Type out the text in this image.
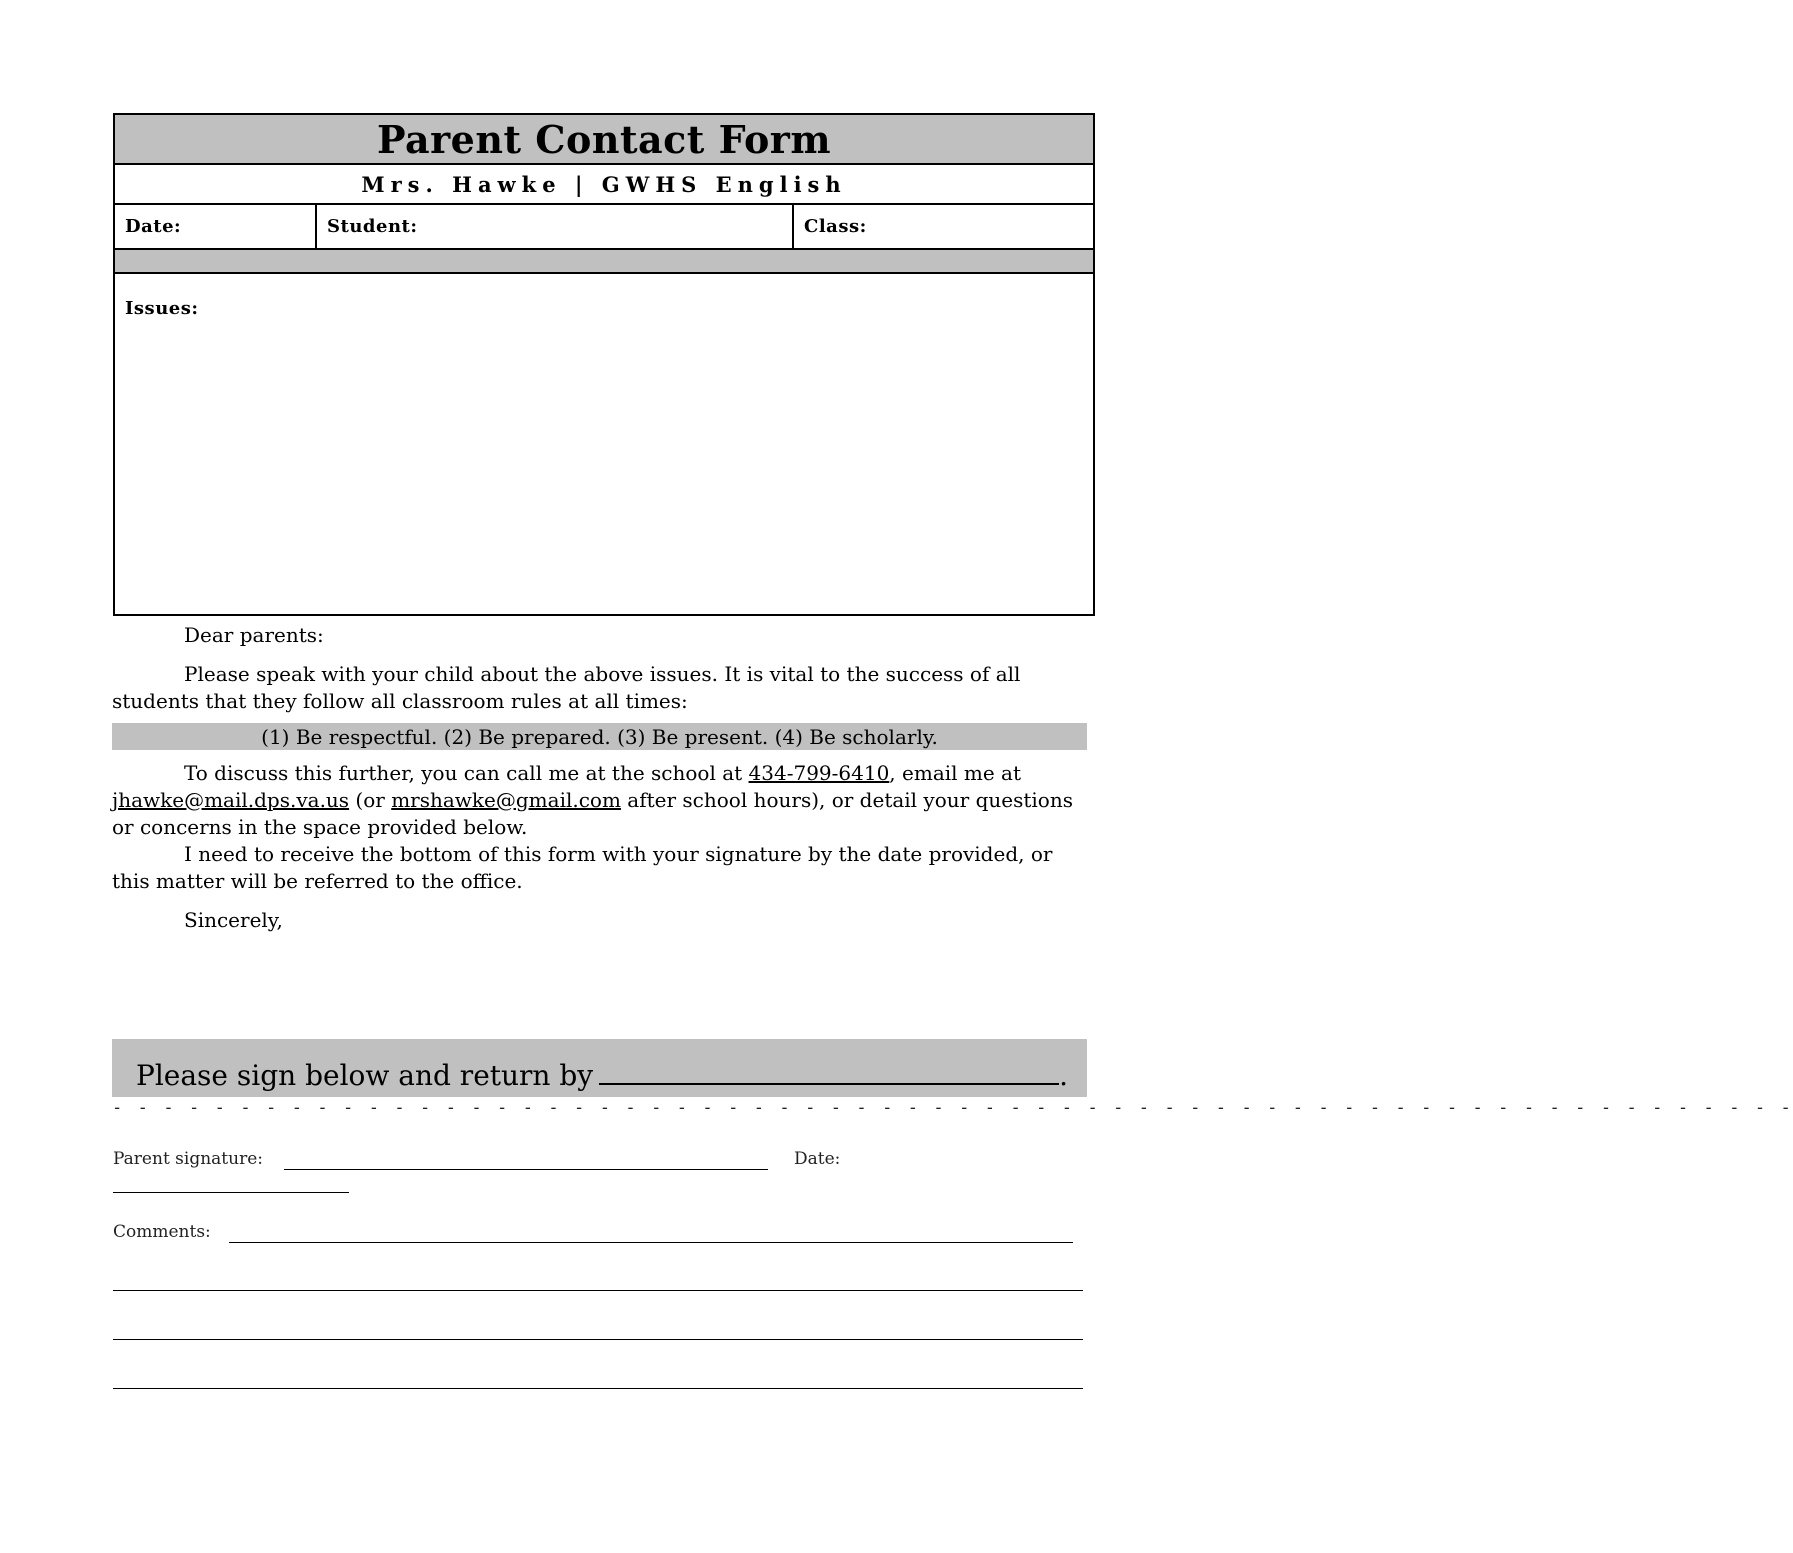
Parent Contact Form
Mrs. Hawke | GWHS English
Date:	Student:	Class:

Issues:
Dear parents:
Please speak with your child about the above issues. It is vital to the success of all students that they follow all classroom rules at all times:
(1) Be respectful. (2) Be prepared. (3) Be present. (4) Be scholarly.
To discuss this further, you can call me at the school at 434-799-6410, email me at jhawke@mail.dps.va.us (or mrshawke@gmail.com after school hours), or detail your questions or concerns in the space provided below.
I need to receive the bottom of this form with your signature by the date provided, or this matter will be referred to the office.
Sincerely,
Please sign below and return by	.
- - - - - - - - - - - - - - - - - - - - - - - - - - - - - - - - - - - - - - - - - - - - - - - - - - - - - - - - - - - - - - - - - -
Parent signature:	Date:
Comments:
